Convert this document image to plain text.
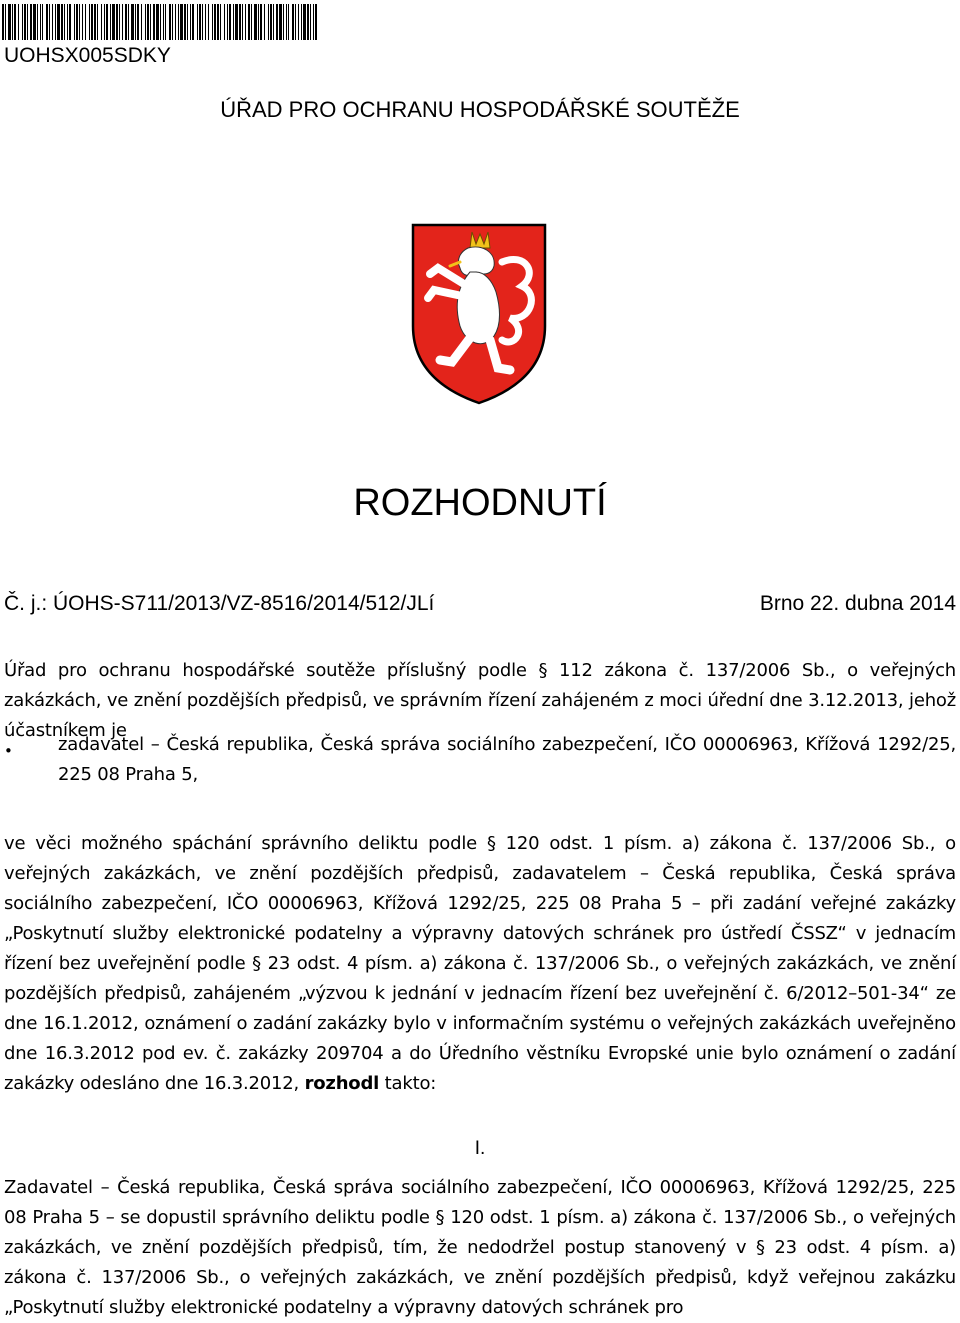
UOHSX005SDKY
ÚŘAD PRO OCHRANU HOSPODÁŘSKÉ SOUTĚŽE
ROZHODNUTÍ
Č. j.: ÚOHS-S711/2013/VZ-8516/2014/512/JLí	Brno 22. dubna 2014
Úřad pro ochranu hospodářské soutěže příslušný podle § 112 zákona č. 137/2006 Sb., o veřejných zakázkách, ve znění pozdějších předpisů, ve správním řízení zahájeném z moci úřední dne 3.12.2013, jehož účastníkem je
•	zadavatel – Česká republika, Česká správa sociálního zabezpečení, IČO 00006963, Křížová 1292/25, 225 08 Praha 5,
ve věci možného spáchání správního deliktu podle § 120 odst. 1 písm. a) zákona č. 137/2006 Sb., o veřejných zakázkách, ve znění pozdějších předpisů, zadavatelem – Česká republika, Česká správa sociálního zabezpečení, IČO 00006963, Křížová 1292/25, 225 08 Praha 5 – při zadání veřejné zakázky „Poskytnutí služby elektronické podatelny a výpravny datových schránek pro ústředí ČSSZ“ v jednacím řízení bez uveřejnění podle § 23 odst. 4 písm. a) zákona č. 137/2006 Sb., o veřejných zakázkách, ve znění pozdějších předpisů, zahájeném „výzvou k jednání v jednacím řízení bez uveřejnění č. 6/2012–501-34“ ze dne 16.1.2012, oznámení o zadání zakázky bylo v informačním systému o veřejných zakázkách uveřejněno dne 16.3.2012 pod ev. č. zakázky 209704 a do Úředního věstníku Evropské unie bylo oznámení o zadání zakázky odesláno dne 16.3.2012, rozhodl takto:
I.
Zadavatel – Česká republika, Česká správa sociálního zabezpečení, IČO 00006963, Křížová 1292/25, 225 08 Praha 5 – se dopustil správního deliktu podle § 120 odst. 1 písm. a) zákona č. 137/2006 Sb., o veřejných zakázkách, ve znění pozdějších předpisů, tím, že nedodržel postup stanovený v § 23 odst. 4 písm. a) zákona č. 137/2006 Sb., o veřejných zakázkách, ve znění pozdějších předpisů, když veřejnou zakázku „Poskytnutí služby elektronické podatelny a výpravny datových schránek pro
